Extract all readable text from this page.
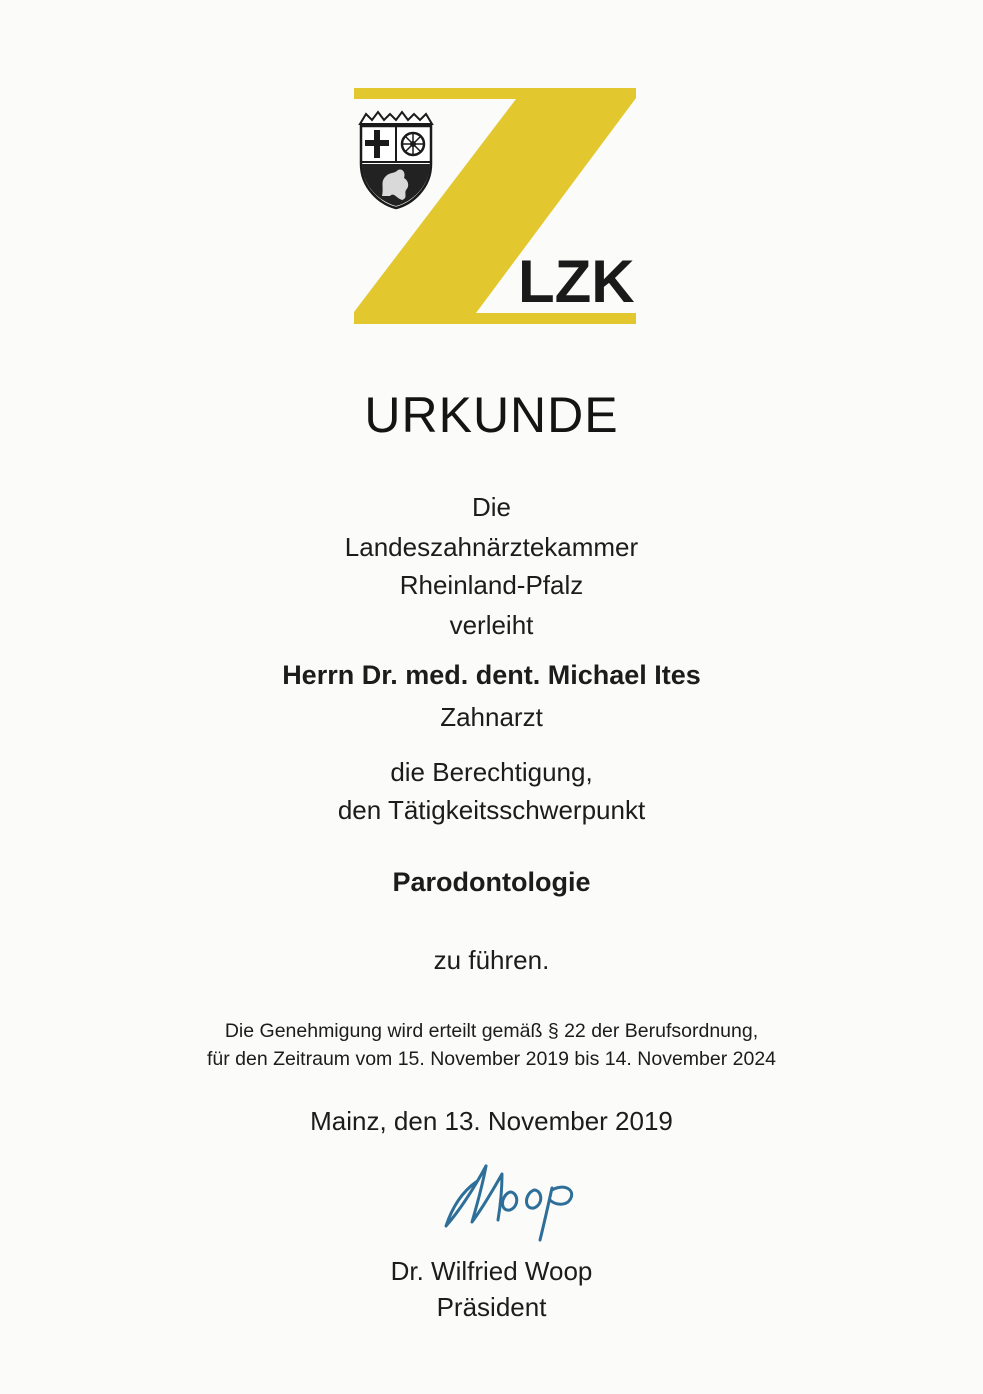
LZK
URKUNDE
Die
Landeszahnärztekammer
Rheinland-Pfalz
verleiht
Herrn Dr. med. dent. Michael Ites
Zahnarzt
die Berechtigung,
den Tätigkeitsschwerpunkt
Parodontologie
zu führen.
Die Genehmigung wird erteilt gemäß § 22 der Berufsordnung,
für den Zeitraum vom 15. November 2019 bis 14. November 2024
Mainz, den 13. November 2019
Dr. Wilfried Woop
Präsident
